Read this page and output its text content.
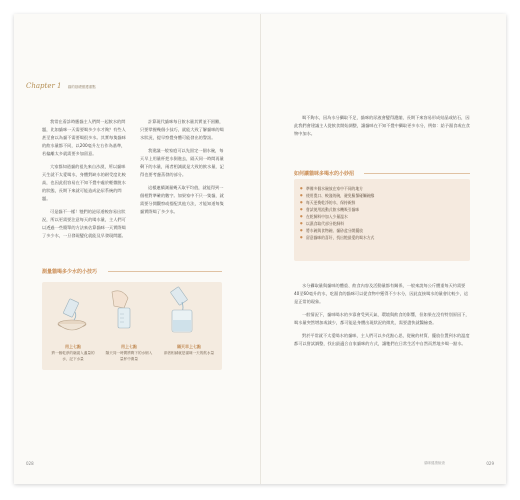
Chapter 1 貓的基礎照護重點

我常在看診時應貓主人們問一起飲水的問題，比如貓咪一天需要喝多少水才夠？有些人甚至會以為貓不需要喝很多水。其實每隻貓咪的飲水量都不同，以200毫升左右作為基準，若偏離太多就需要多加留意。

大家都知道貓的祖先來自沙漠，所以貓咪天生就不太愛喝水，身體對缺水的耐受度比較高，也因此很容易在不知不覺中處於輕微脫水的狀態，長期下來就可能造成泌尿系統的問題。

可是貓不一樣！牠們的泌尿道較容易出狀況，所以更需要注意每天的喝水量，主人們可以透過一些簡單的方法來估算貓咪一天實際喝了多少水，一旦發現變化就能及早發現問題。

計算現代貓咪每日飲水量其實並不困難，只要掌握幾個小技巧，就能大致了解貓咪的喝水狀況，提早察覺身體可能發出的警訊。

我建議一般家庭可以先固定一個水碗，每天早上用量杯把水倒進去，隔天同一時間再量剩下的水量，兩者相減就是大致的飲水量，記得也要考慮蒸發的部分。

這樣連續測量幾天取平均值，就能得到一個相對準確的數字。如果家中不只一隻貓，就需要分開觀察或搭配其他方法，才能知道每隻貓實際喝了多少水。

測量貓喝多少水的小技巧
用上七點
將一個乾淨的碗裝入適量的水，記下水量
用上七點
隔天同一時間將剩下的水倒入量杯中測量
隔天早上七點
兩者相減就是貓咪一天的飲水量
028

喝不夠水，因為水分攝取不足，貓咪的尿液會變得濃縮，長期下來容易形成結晶或結石，因此我們會建議主人從飲食開始調整，讓貓咪在不知不覺中攝取更多水分，例如：給予濕食或在食物中加水。

如何讓貓咪多喝水的小妙招
● 準備多個水碗放在家中不同的地方
● 使用寬口、較淺的碗，避免鬍鬚碰觸碗緣
● 每天更換乾淨的水，保持新鮮
● 嘗試使用流動式飲水機吸引貓咪
● 在乾飼料中加入少量溫水
● 以濕食取代部分乾飼料
● 將水碗與食物碗、貓砂盆分開擺放
● 留意貓咪的喜好，找出牠最愛的喝水方式

水分攝取量與貓咪的體重、飲食內容及活動量都有關係，一般來說每公斤體重每天約需要40至60毫升的水，吃濕食的貓咪可以從食物中獲得不少水分，因此直接喝水的量會比較少，這是正常的現象。

一般情況下，貓咪喝水的多寡會受到天氣、環境與飲食的影響，但如果在沒有特別原因下，喝水量突然增加或減少，都可能是身體出現狀況的徵兆，需要盡快就醫檢查。

對於平常就不太愛喝水的貓咪，主人們可以多花點心思，從碗的材質、擺放位置到水的溫度都可以嘗試調整，找出最適合自家貓咪的方式，讓牠們在日常生活中自然而然地多喝一點水。

貓咪健康檢查	029
